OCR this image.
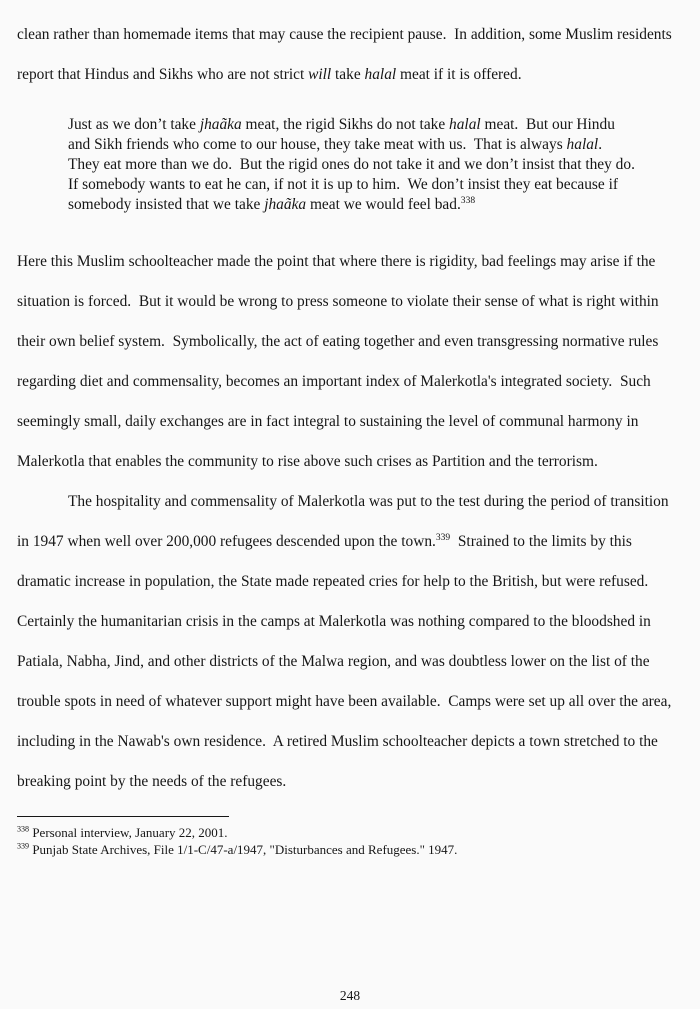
clean rather than homemade items that may cause the recipient pause.  In addition, some Muslim residents report that Hindus and Sikhs who are not strict will take halal meat if it is offered.

Just as we don’t take jhaãka meat, the rigid Sikhs do not take halal meat.  But our Hindu and Sikh friends who come to our house, they take meat with us.  That is always halal.  They eat more than we do.  But the rigid ones do not take it and we don’t insist that they do.  If somebody wants to eat he can, if not it is up to him.  We don’t insist they eat because if somebody insisted that we take jhaãka meat we would feel bad.$^{338}$

Here this Muslim schoolteacher made the point that where there is rigidity, bad feelings may arise if the situation is forced.  But it would be wrong to press someone to violate their sense of what is right within their own belief system.  Symbolically, the act of eating together and even transgressing normative rules regarding diet and commensality, becomes an important index of Malerkotla's integrated society.  Such seemingly small, daily exchanges are in fact integral to sustaining the level of communal harmony in Malerkotla that enables the community to rise above such crises as Partition and the terrorism.

The hospitality and commensality of Malerkotla was put to the test during the period of transition in 1947 when well over 200,000 refugees descended upon the town.$^{339}$  Strained to the limits by this dramatic increase in population, the State made repeated cries for help to the British, but were refused.  Certainly the humanitarian crisis in the camps at Malerkotla was nothing compared to the bloodshed in Patiala, Nabha, Jind, and other districts of the Malwa region, and was doubtless lower on the list of the trouble spots in need of whatever support might have been available.  Camps were set up all over the area, including in the Nawab's own residence.  A retired Muslim schoolteacher depicts a town stretched to the breaking point by the needs of the refugees.

$^{338}$ Personal interview, January 22, 2001.
$^{339}$ Punjab State Archives, File 1/1-C/47-a/1947, "Disturbances and Refugees." 1947.
248
